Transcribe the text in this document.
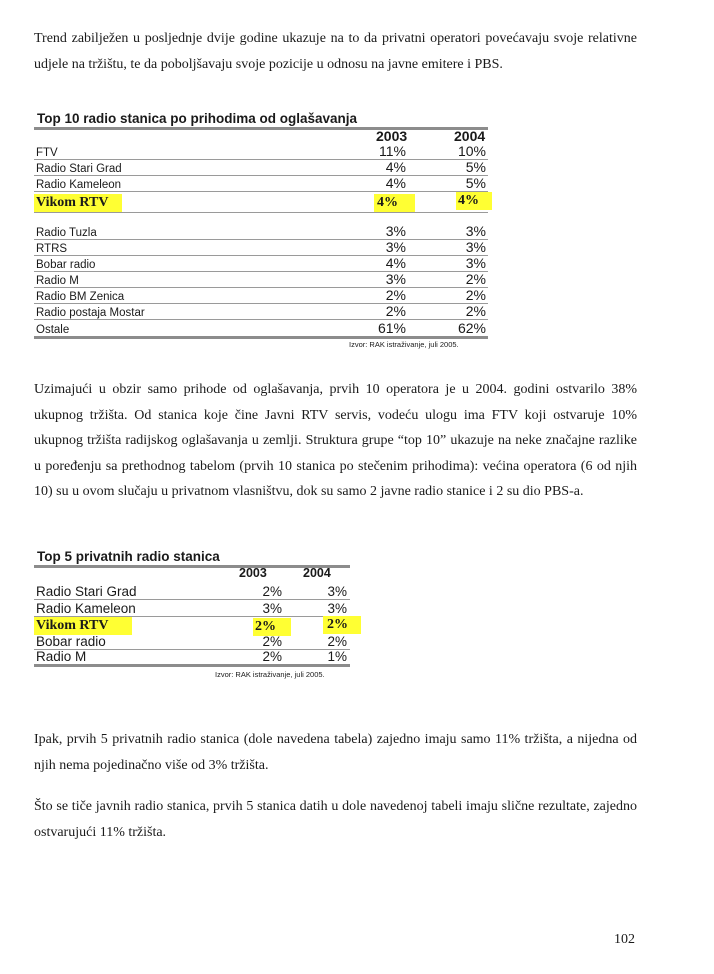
Trend zabilježen u posljednje dvije godine ukazuje na to da privatni operatori povećavaju svoje relativne udjele na tržištu, te da poboljšavaju svoje pozicije u odnosu na javne emitere i PBS.

Top 10 radio stanica po prihodima od oglašavanja
2003	2004
FTV	11%	10%
Radio Stari Grad	4%	5%
Radio Kameleon	4%	5%
Vikom RTV	4%	4%
Radio Tuzla	3%	3%
RTRS	3%	3%
Bobar radio	4%	3%
Radio M	3%	2%
Radio BM Zenica	2%	2%
Radio postaja Mostar	2%	2%
Ostale	61%	62%
Izvor: RAK istraživanje, juli 2005.

Uzimajući u obzir samo prihode od oglašavanja, prvih 10 operatora je u 2004. godini ostvarilo 38% ukupnog tržišta. Od stanica koje čine Javni RTV servis, vodeću ulogu ima FTV koji ostvaruje 10% ukupnog tržišta radijskog oglašavanja u zemlji. Struktura grupe “top 10” ukazuje na neke značajne razlike u poređenju sa prethodnog tabelom (prvih 10 stanica po stečenim prihodima): većina operatora (6 od njih 10) su u ovom slučaju u privatnom vlasništvu, dok su samo 2 javne radio stanice i 2 su dio PBS-a.

Top 5 privatnih radio stanica
2003	2004
Radio Stari Grad	2%	3%
Radio Kameleon	3%	3%
Vikom RTV	2%	2%
Bobar radio	2%	2%
Radio M	2%	1%
Izvor: RAK istraživanje, juli 2005.

Ipak, prvih 5 privatnih radio stanica (dole navedena tabela) zajedno imaju samo 11% tržišta, a nijedna od njih nema pojedinačno više od 3% tržišta.

Što se tiče javnih radio stanica, prvih 5 stanica datih u dole navedenoj tabeli imaju slične rezultate, zajedno ostvarujući 11% tržišta.

102
